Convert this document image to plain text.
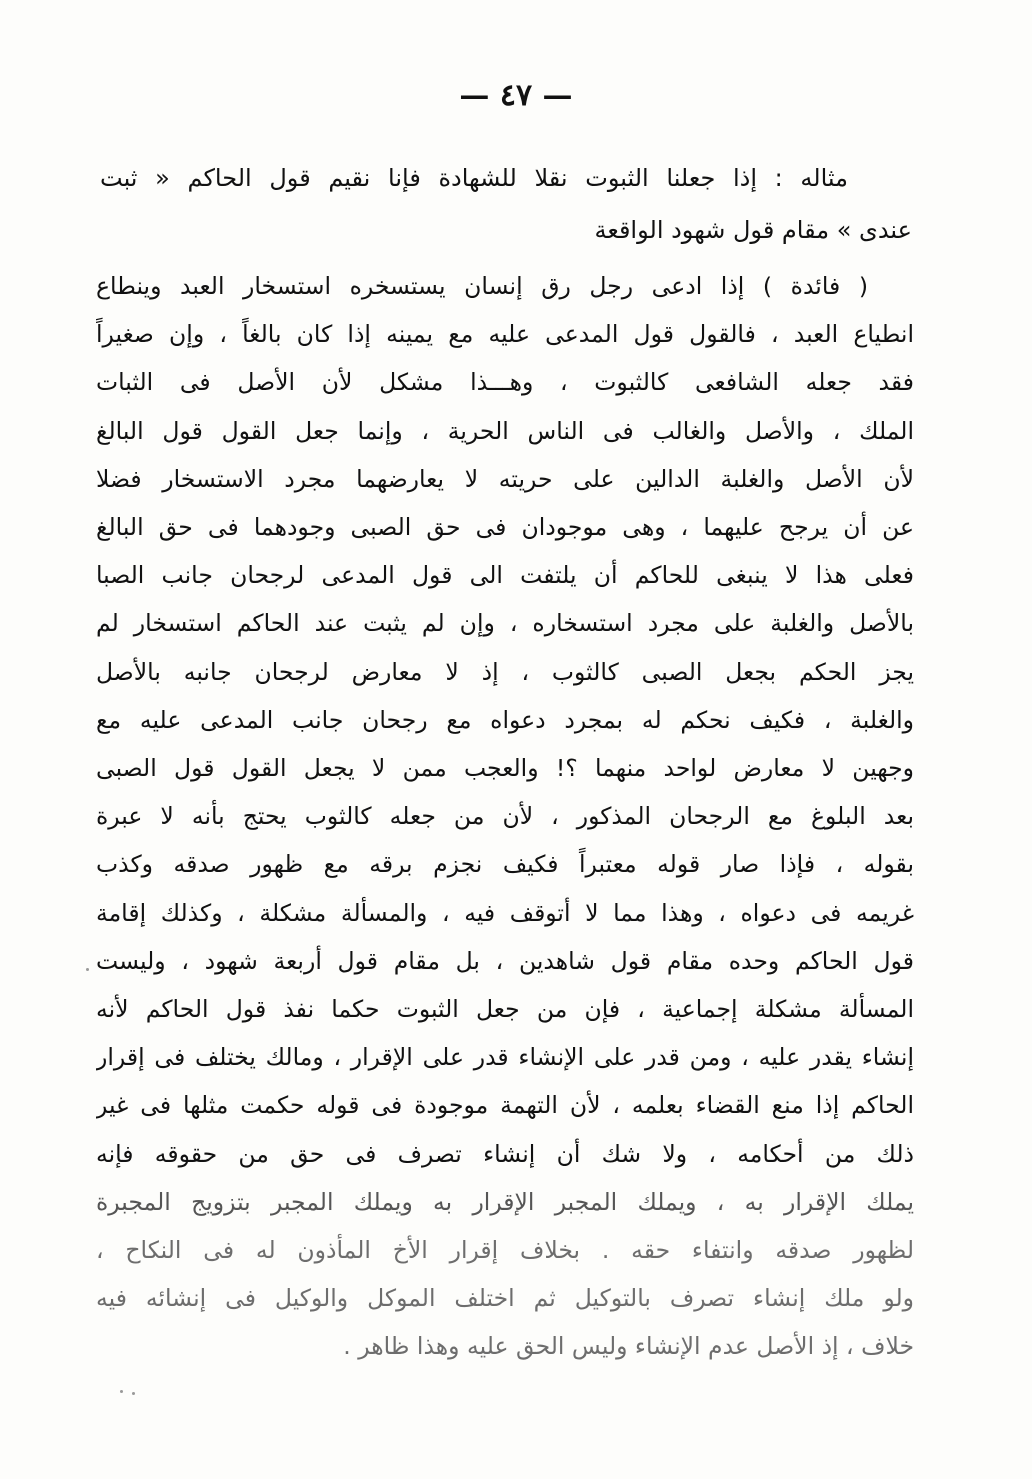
— ٤٧ —
مثاله : إذا جعلنا الثبوت نقلا للشهادة فإنا نقيم قول الحاكم « ثبت
عندى » مقام قول شهود الواقعة
( فائدة ) إذا ادعى رجل رق إنسان يستسخره استسخار العبد وينطاع
انطياع العبد ، فالقول قول المدعى عليه مع يمينه إذا كان بالغاً ، وإن صغيراً
فقد جعله الشافعى كالثبوت ، وهـــذا مشكل لأن الأصل فى الثبات
الملك ، والأصل والغالب فى الناس الحرية ، وإنما جعل القول قول البالغ
لأن الأصل والغلبة الدالين على حريته لا يعارضهما مجرد الاستسخار فضلا
عن أن يرجح عليهما ، وهى موجودان فى حق الصبى وجودهما فى حق البالغ
فعلى هذا لا ينبغى للحاكم أن يلتفت الى قول المدعى لرجحان جانب الصبا
بالأصل والغلبة على مجرد استسخاره ، وإن لم يثبت عند الحاكم استسخار لم
يجز الحكم بجعل الصبى كالثوب ، إذ لا معارض لرجحان جانبه بالأصل
والغلبة ، فكيف نحكم له بمجرد دعواه مع رجحان جانب المدعى عليه مع
وجهين لا معارض لواحد منهما ؟! والعجب ممن لا يجعل القول قول الصبى
بعد البلوغ مع الرجحان المذكور ، لأن من جعله كالثوب يحتج بأنه لا عبرة
بقوله ، فإذا صار قوله معتبراً فكيف نجزم برقه مع ظهور صدقه وكذب
غريمه فى دعواه ، وهذا مما لا أتوقف فيه ، والمسألة مشكلة ، وكذلك إقامة
قول الحاكم وحده مقام قول شاهدين ، بل مقام قول أربعة شهود ، وليست
المسألة مشكلة إجماعية ، فإن من جعل الثبوت حكما نفذ قول الحاكم لأنه
إنشاء يقدر عليه ، ومن قدر على الإنشاء قدر على الإقرار ، ومالك يختلف فى إقرار
الحاكم إذا منع القضاء بعلمه ، لأن التهمة موجودة فى قوله حكمت مثلها فى غير
ذلك من أحكامه ، ولا شك أن إنشاء تصرف فى حق من حقوقه فإنه
يملك الإقرار به ، ويملك المجبر الإقرار به ويملك المجبر بتزويج المجبرة
لظهور صدقه وانتفاء حقه . بخلاف إقرار الأخ المأذون له فى النكاح ،
ولو ملك إنشاء تصرف بالتوكيل ثم اختلف الموكل والوكيل فى إنشائه فيه
خلاف ، إذ الأصل عدم الإنشاء وليس الحق عليه وهذا ظاهر .
